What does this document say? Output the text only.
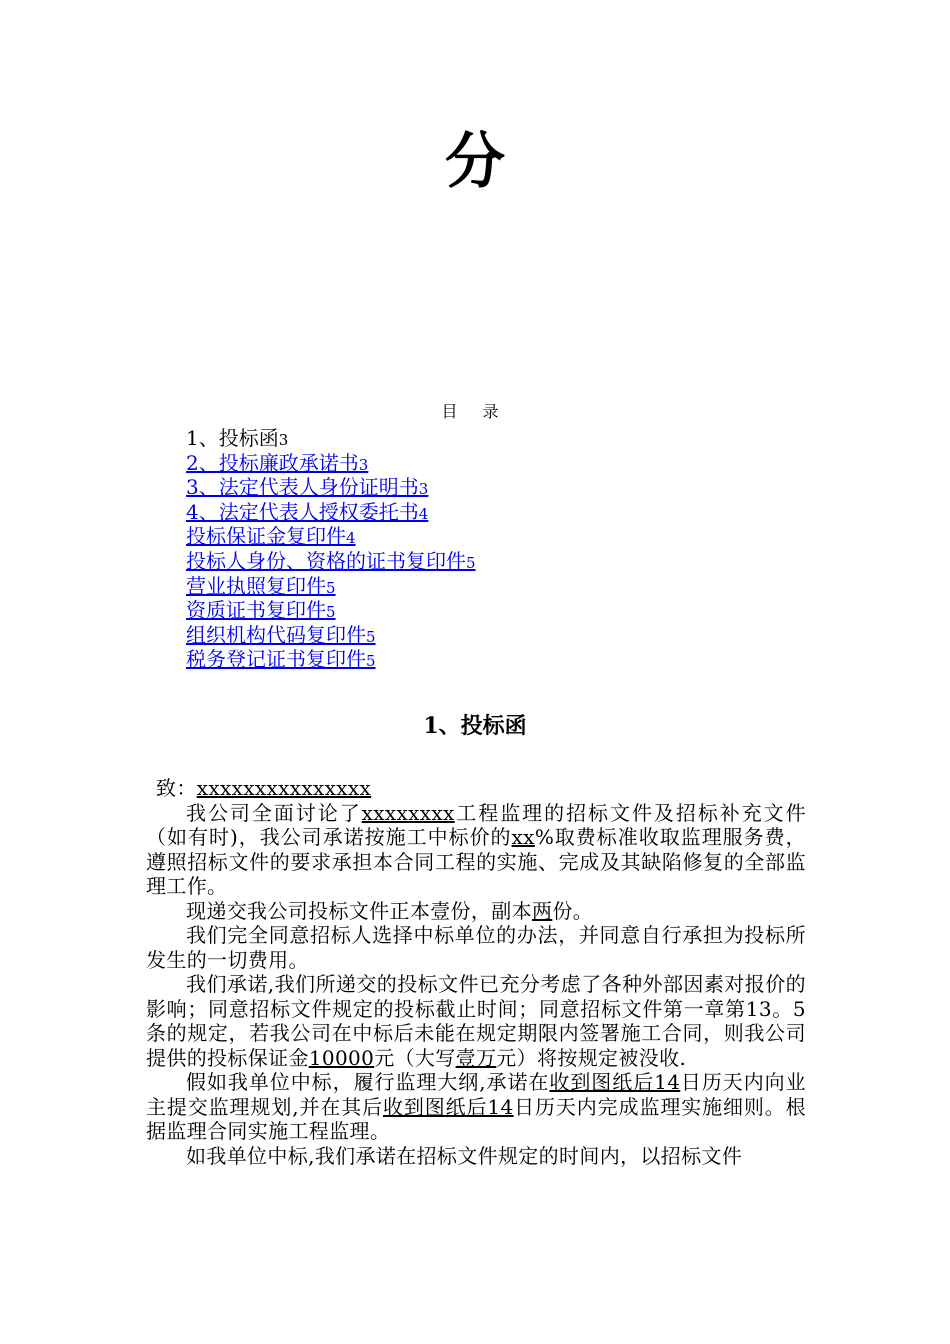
分
目 录
1、投标函3
2、投标廉政承诺书3
3、法定代表人身份证明书3
4、法定代表人授权委托书4
投标保证金复印件4
投标人身份、资格的证书复印件5
营业执照复印件5
资质证书复印件5
组织机构代码复印件5
税务登记证书复印件5
1、投标函

致：xxxxxxxxxxxxxxx

我公司全面讨论了xxxxxxxx工程监理的招标文件及招标补充文件（如有时)，我公司承诺按施工中标价的xx%取费标准收取监理服务费，遵照招标文件的要求承担本合同工程的实施、完成及其缺陷修复的全部监理工作。

现递交我公司投标文件正本壹份，副本两份。

我们完全同意招标人选择中标单位的办法，并同意自行承担为投标所发生的一切费用。

我们承诺,我们所递交的投标文件已充分考虑了各种外部因素对报价的影响；同意招标文件规定的投标截止时间；同意招标文件第一章第13。5条的规定，若我公司在中标后未能在规定期限内签署施工合同，则我公司提供的投标保证金10000元（大写壹万元）将按规定被没收.

假如我单位中标，履行监理大纲,承诺在收到图纸后14日历天内向业主提交监理规划,并在其后收到图纸后14日历天内完成监理实施细则。根据监理合同实施工程监理。

如我单位中标,我们承诺在招标文件规定的时间内，以招标文件
